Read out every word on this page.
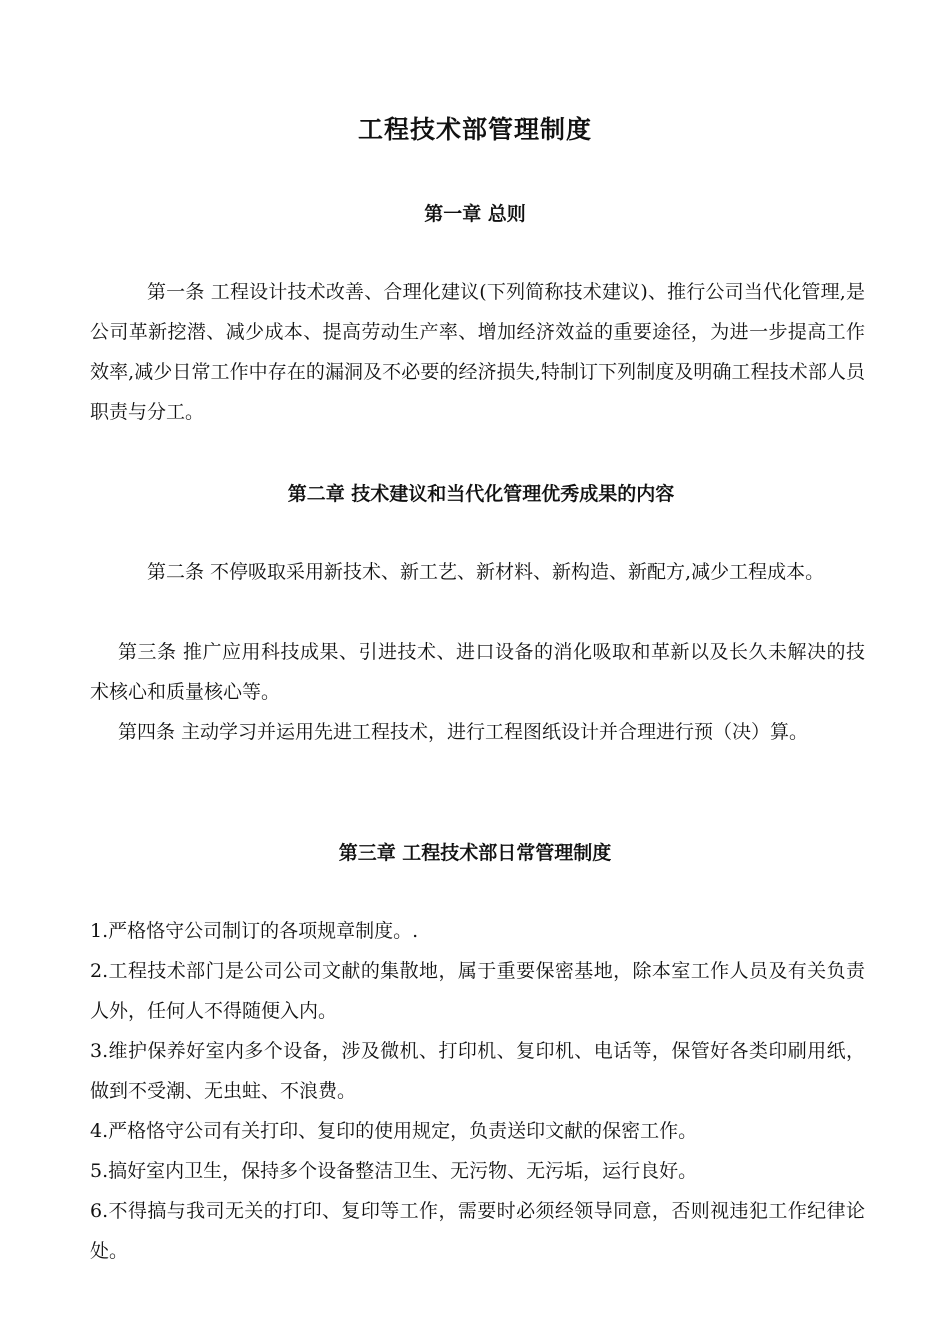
工程技术部管理制度
第一章 总则
第一条 工程设计技术改善、合理化建议(下列简称技术建议)、推行公司当代化管理,是公司革新挖潜、减少成本、提高劳动生产率、增加经济效益的重要途径，为进一步提高工作效率,减少日常工作中存在的漏洞及不必要的经济损失,特制订下列制度及明确工程技术部人员职责与分工。
第二章 技术建议和当代化管理优秀成果的内容
第二条 不停吸取采用新技术、新工艺、新材料、新构造、新配方,减少工程成本。
第三条 推广应用科技成果、引进技术、进口设备的消化吸取和革新以及长久未解决的技术核心和质量核心等。
第四条 主动学习并运用先进工程技术，进行工程图纸设计并合理进行预（决）算。
第三章 工程技术部日常管理制度
1.严格恪守公司制订的各项规章制度。.
2.工程技术部门是公司公司文献的集散地，属于重要保密基地，除本室工作人员及有关负责人外，任何人不得随便入内。
3.维护保养好室内多个设备，涉及微机、打印机、复印机、电话等，保管好各类印刷用纸，做到不受潮、无虫蛀、不浪费。
4.严格恪守公司有关打印、复印的使用规定，负责送印文献的保密工作。
5.搞好室内卫生，保持多个设备整洁卫生、无污物、无污垢，运行良好。
6.不得搞与我司无关的打印、复印等工作，需要时必须经领导同意，否则视违犯工作纪律论处。
